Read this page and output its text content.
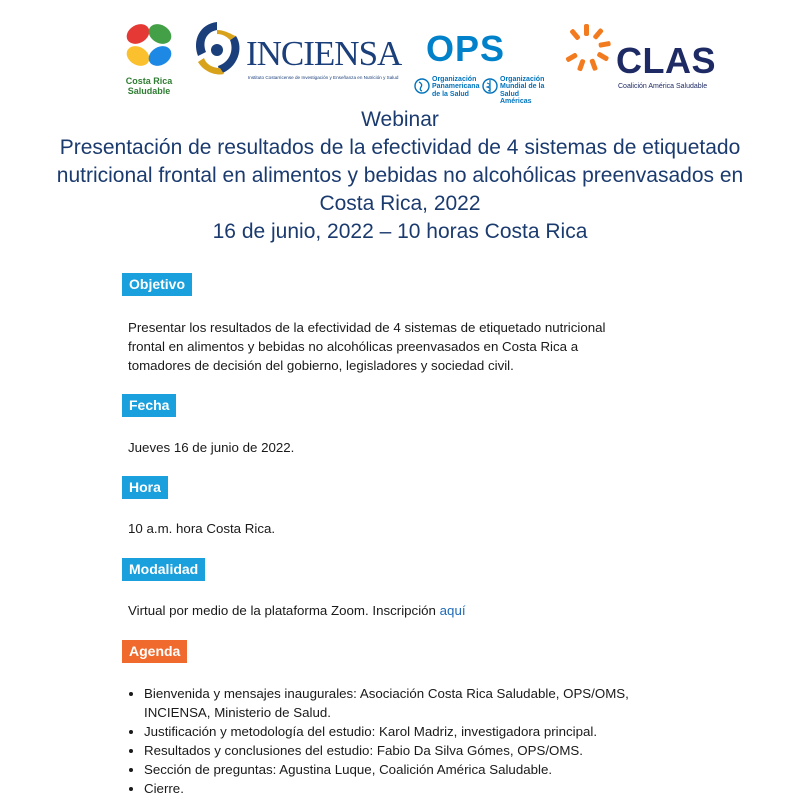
Costa Rica
Saludable
INCIENSA
Instituto Costarricense de Investigación y Enseñanza en Nutrición y Salud
OPS
Organización
Panamericana
de la Salud
Organización
Mundial de la Salud
Américas
CLAS
Coalición América Saludable
Webinar
Presentación de resultados de la efectividad de 4 sistemas de etiquetado nutricional frontal en alimentos y bebidas no alcohólicas preenvasados en Costa Rica, 2022
16 de junio, 2022 – 10 horas Costa Rica
Objetivo
Presentar los resultados de la efectividad de 4 sistemas de etiquetado nutricional frontal en alimentos y bebidas no alcohólicas preenvasados en Costa Rica a tomadores de decisión del gobierno, legisladores y sociedad civil.
Fecha
Jueves 16 de junio de 2022.
Hora
10 a.m. hora Costa Rica.
Modalidad
Virtual por medio de la plataforma Zoom. Inscripción aquí
Agenda
• Bienvenida y mensajes inaugurales: Asociación Costa Rica Saludable, OPS/OMS, INCIENSA, Ministerio de Salud.
• Justificación y metodología del estudio: Karol Madriz, investigadora principal.
• Resultados y conclusiones del estudio: Fabio Da Silva Gómes, OPS/OMS.
• Sección de preguntas: Agustina Luque, Coalición América Saludable.
• Cierre.
